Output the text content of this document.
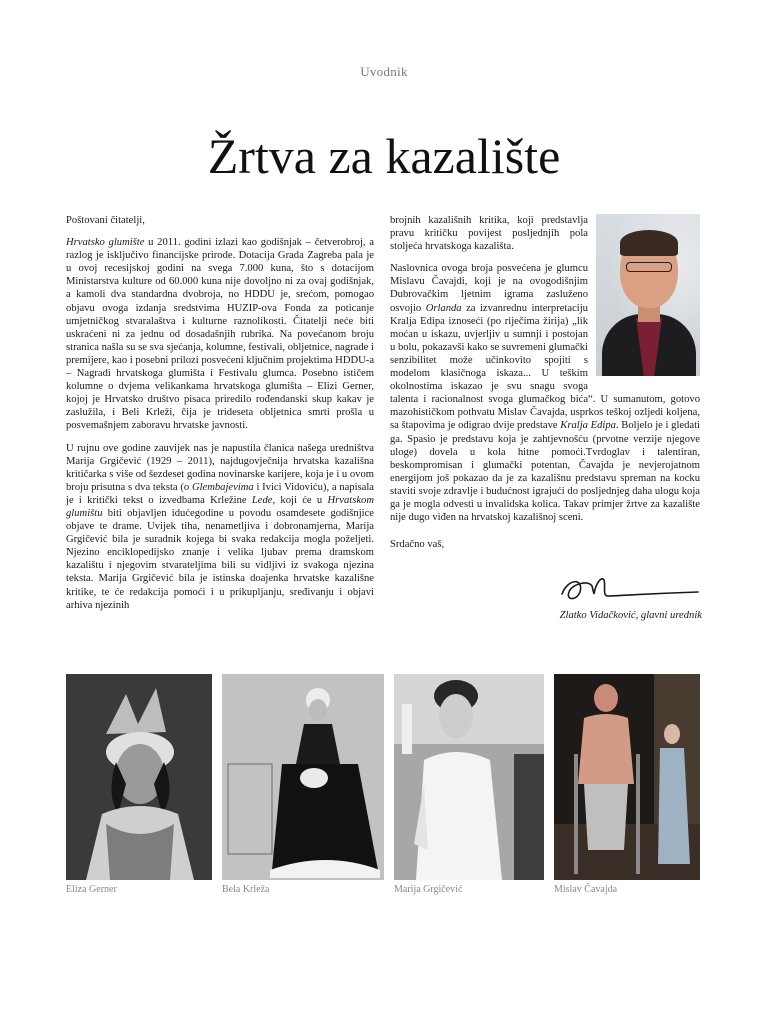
Uvodnik
Žrtva za kazalište

Poštovani čitatelji,

Hrvatsko glumište u 2011. godini izlazi kao godišnjak – četverobroj, a razlog je isključivo financijske prirode. Dotacija Grada Zagreba pala je u ovoj recesijskoj godini na svega 7.000 kuna, što s dotacijom Ministarstva kulture od 60.000 kuna nije dovoljno ni za ovaj godišnjak, a kamoli dva standardna dvobroja, no HDDU je, srećom, pomogao objavu ovoga izdanja sredstvima HUZIP-ova Fonda za poticanje umjetničkog stvaralaštva i kulturne raznolikosti. Čitatelji neće biti uskraćeni ni za jednu od dosadašnjih rubrika. Na povećanom broju stranica našla su se sva sjećanja, kolumne, festivali, obljetnice, nagrade i premijere, kao i posebni prilozi posvećeni ključnim projektima HDDU-a – Nagradi hrvatskoga glumišta i Festivalu glumca. Posebno ističem kolumne o dvjema velikankama hrvatskoga glumišta – Elizi Gerner, kojoj je Hrvatsko društvo pisaca priredilo rođendanski skup kakav je zaslužila, i Beli Krleži, čija je trideseta obljetnica smrti prošla u posvemašnjem zaboravu hrvatske javnosti.

U rujnu ove godine zauvijek nas je napustila članica našega uredništva Marija Grgičević (1929 – 2011), najdugovječnija hrvatska kazališna kritičarka s više od šezdeset godina novinarske karijere, koja je i u ovom broju prisutna s dva teksta (o Glembajevima i Ivici Vidoviću), a napisala je i kritički tekst o izvedbama Krležine Lede, koji će u Hrvatskom glumištu biti objavljen idućegodine u povodu osamdesete godišnjice objave te drame. Uvijek tiha, nenametljiva i dobronamjerna, Marija Grgičević bila je suradnik kojega bi svaka redakcija mogla poželjeti. Njezino enciklopedijsko znanje i velika ljubav prema dramskom kazalištu i njegovim stvarateljima bili su vidljivi iz svakoga njezina teksta. Marija Grgičević bila je istinska doajenka hrvatske kazališne kritike, te će redakcija pomoći i u prikupljanju, sređivanju i objavi arhiva njezinih

brojnih kazališnih kritika, koji predstavlja pravu kritičku povijest posljednjih pola stoljeća hrvatskoga kazališta.

Naslovnica ovoga broja posvećena je glumcu Mislavu Čavajdi, koji je na ovogodišnjim Dubrovačkim ljetnim igrama zasluženo osvojio Orlanda za izvanrednu interpretaciju Kralja Edipa iznoseći (po riječima žirija) „lik moćan u iskazu, uvjerljiv u sumnji i postojan u bolu, pokazavši kako se suvremeni glumački senzibilitet može učinkovito spojiti s modelom klasičnoga iskaza... U teškim okolnostima iskazao je svu snagu svoga talenta i racionalnost svoga glumačkog bića“. U sumanutom, gotovo mazohističkom pothvatu Mislav Čavajda, usprkos teškoj ozljedi koljena, sa štapovima je odigrao dvije predstave Kralja Edipa. Boljelo je i gledati ga. Spasio je predstavu koja je zahtjevnošću (prvotne verzije njegove uloge) dovela u kola hitne pomoći.Tvrdoglav i talentiran, beskompromisan i glumački potentan, Čavajda je nevjerojatnom energijom još pokazao da je za kazališnu predstavu spreman na kocku staviti svoje zdravlje i budućnost igrajući do posljednjeg daha ulogu koja ga je mogla odvesti u invalidska kolica. Takav primjer žrtve za kazalište nije dugo viđen na hrvatskoj kazališnoj sceni.

Srdačno vaš,

Zlatko Vidačković, glavni urednik
Eliza Gerner	Bela Krleža	Marija Grgičević	Mislav Čavajda
